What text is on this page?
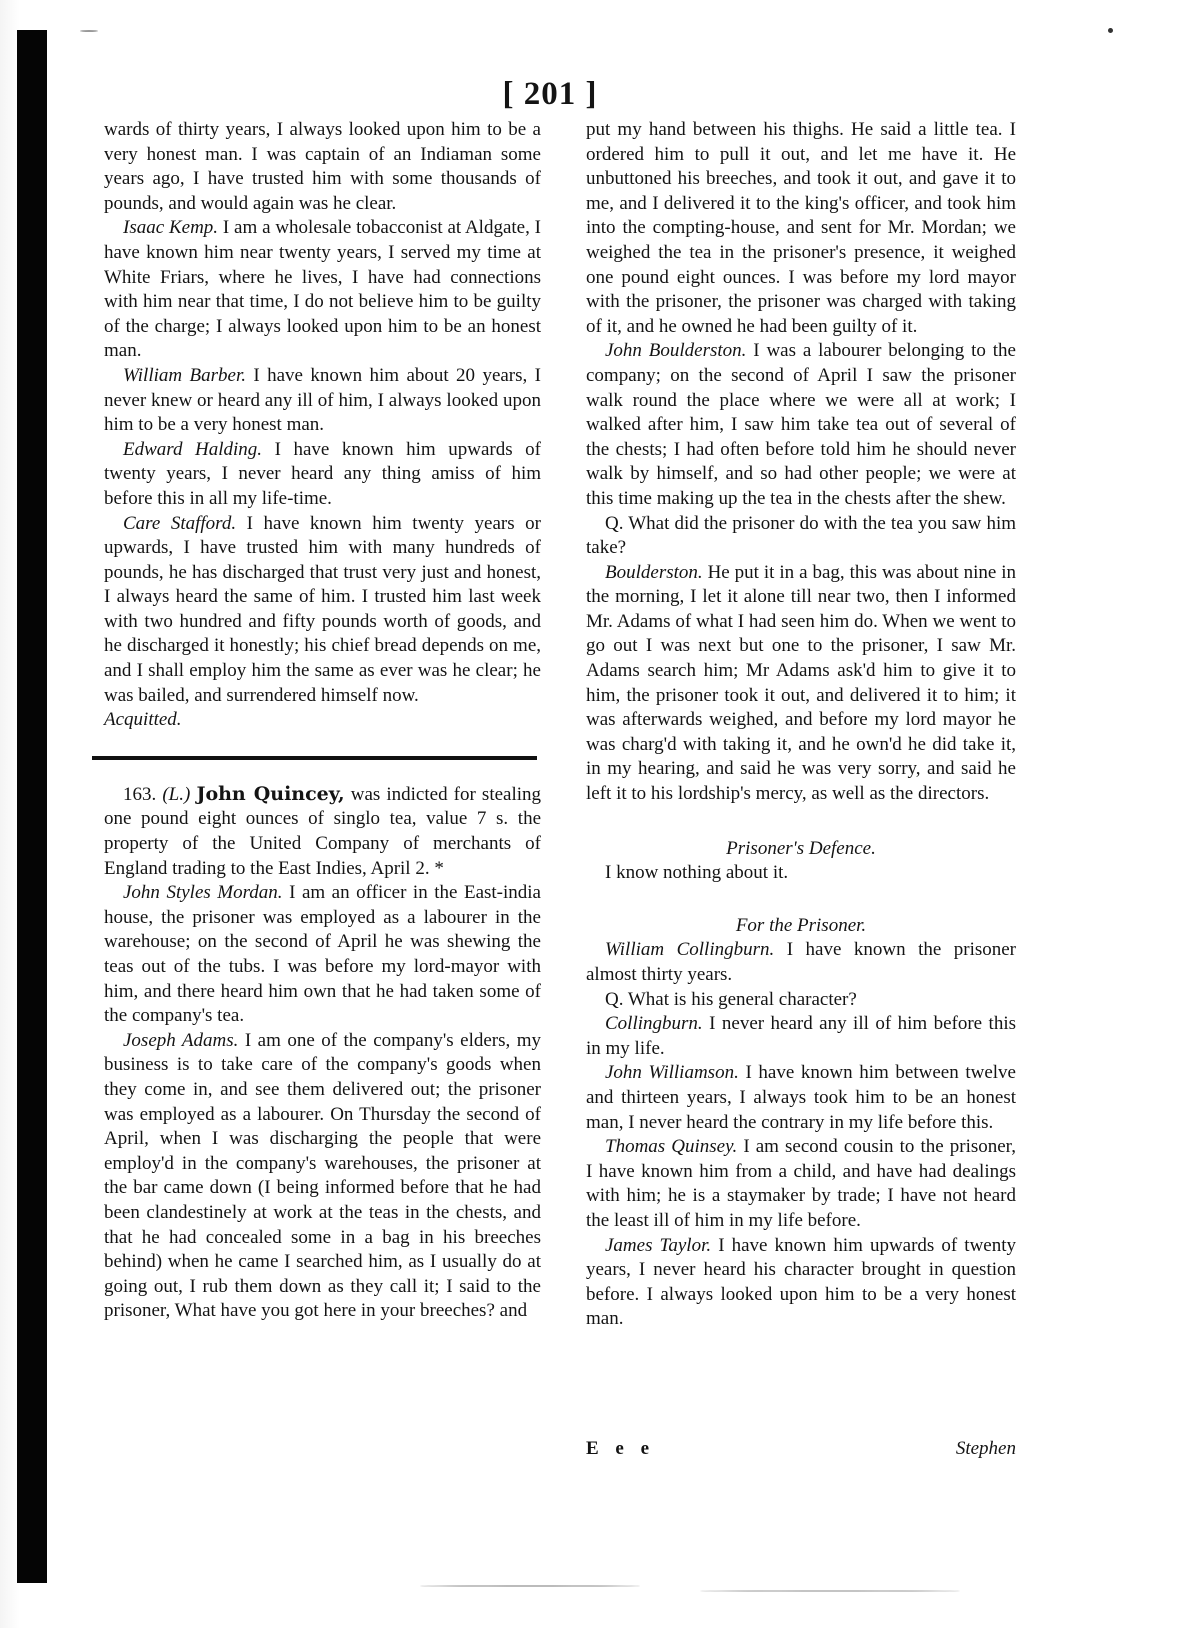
[ 201 ]

wards of thirty years, I always looked upon him to be a very honest man. I was captain of an Indiaman some years ago, I have trusted him with some thousands of pounds, and would again was he clear.

Isaac Kemp. I am a wholesale tobacconist at Aldgate, I have known him near twenty years, I served my time at White Friars, where he lives, I have had connections with him near that time, I do not believe him to be guilty of the charge; I always looked upon him to be an honest man.

William Barber. I have known him about 20 years, I never knew or heard any ill of him, I always looked upon him to be a very honest man.

Edward Halding. I have known him upwards of twenty years, I never heard any thing amiss of him before this in all my life-time.

Care Stafford. I have known him twenty years or upwards, I have trusted him with many hundreds of pounds, he has discharged that trust very just and honest, I always heard the same of him. I trusted him last week with two hundred and fifty pounds worth of goods, and he discharged it honestly; his chief bread depends on me, and I shall employ him the same as ever was he clear; he was bailed, and surrendered himself now.

Acquitted.

163. (L.) John Quincey, was indicted for stealing one pound eight ounces of singlo tea, value 7 s. the property of the United Company of merchants of England trading to the East Indies, April 2. *

John Styles Mordan. I am an officer in the East-india house, the prisoner was employed as a labourer in the warehouse; on the second of April he was shewing the teas out of the tubs. I was before my lord-mayor with him, and there heard him own that he had taken some of the company's tea.

Joseph Adams. I am one of the company's elders, my business is to take care of the company's goods when they come in, and see them delivered out; the prisoner was employed as a labourer. On Thursday the second of April, when I was discharging the people that were employ'd in the company's warehouses, the prisoner at the bar came down (I being informed before that he had been clandestinely at work at the teas in the chests, and that he had concealed some in a bag in his breeches behind) when he came I searched him, as I usually do at going out, I rub them down as they call it; I said to the prisoner, What have you got here in your breeches? and

put my hand between his thighs. He said a little tea. I ordered him to pull it out, and let me have it. He unbuttoned his breeches, and took it out, and gave it to me, and I delivered it to the king's officer, and took him into the compting-house, and sent for Mr. Mordan; we weighed the tea in the prisoner's presence, it weighed one pound eight ounces. I was before my lord mayor with the prisoner, the prisoner was charged with taking of it, and he owned he had been guilty of it.

John Boulderston. I was a labourer belonging to the company; on the second of April I saw the prisoner walk round the place where we were all at work; I walked after him, I saw him take tea out of several of the chests; I had often before told him he should never walk by himself, and so had other people; we were at this time making up the tea in the chests after the shew.

Q. What did the prisoner do with the tea you saw him take?

Boulderston. He put it in a bag, this was about nine in the morning, I let it alone till near two, then I informed Mr. Adams of what I had seen him do. When we went to go out I was next but one to the prisoner, I saw Mr. Adams search him; Mr Adams ask'd him to give it to him, the prisoner took it out, and delivered it to him; it was afterwards weighed, and before my lord mayor he was charg'd with taking it, and he own'd he did take it, in my hearing, and said he was very sorry, and said he left it to his lordship's mercy, as well as the directors.

Prisoner's Defence.

I know nothing about it.

For the Prisoner.

William Collingburn. I have known the prisoner almost thirty years.

Q. What is his general character?

Collingburn. I never heard any ill of him before this in my life.

John Williamson. I have known him between twelve and thirteen years, I always took him to be an honest man, I never heard the contrary in my life before this.

Thomas Quinsey. I am second cousin to the prisoner, I have known him from a child, and have had dealings with him; he is a staymaker by trade; I have not heard the least ill of him in my life before.

James Taylor. I have known him upwards of twenty years, I never heard his character brought in question before. I always looked upon him to be a very honest man.

E e e	Stephen
